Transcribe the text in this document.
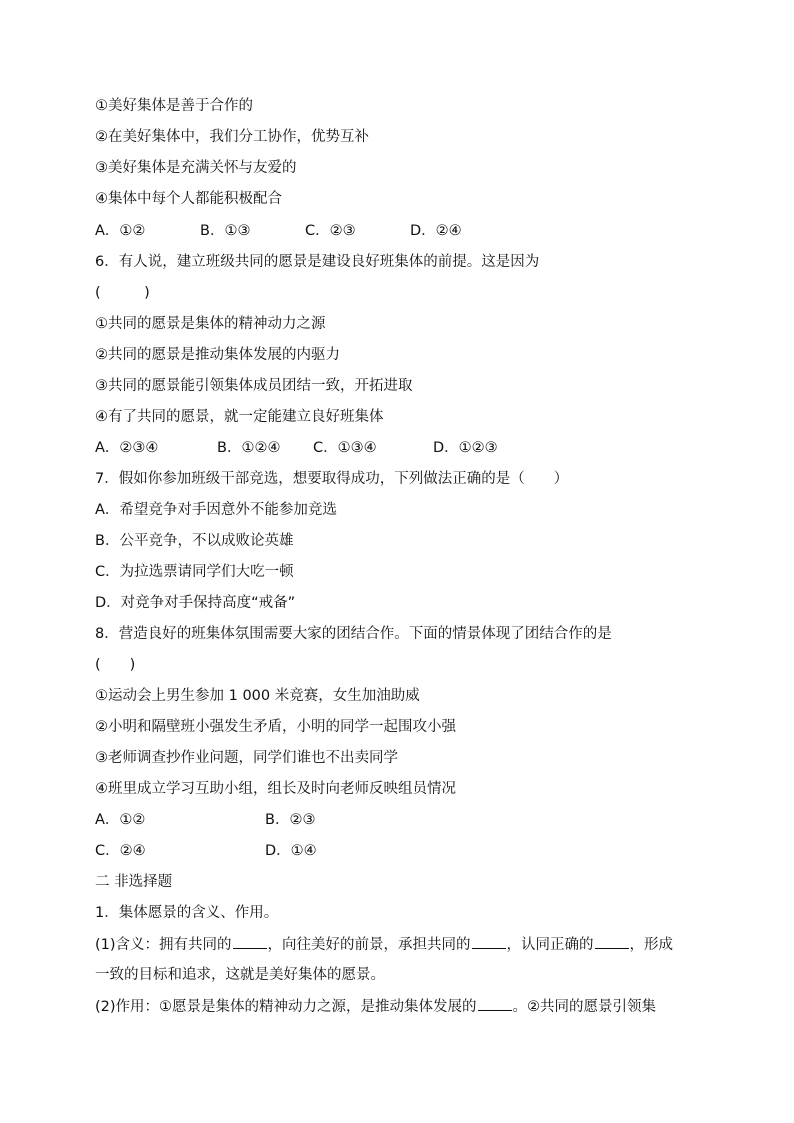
①美好集体是善于合作的
②在美好集体中，我们分工协作，优势互补
③美好集体是充满关怀与友爱的
④集体中每个人都能积极配合

A．①②

	B．①③

	C．②③

	D．②④

6．有人说，建立班级共同的愿景是建设良好班集体的前提。这是因为
(　　　)
①共同的愿景是集体的精神动力之源
②共同的愿景是推动集体发展的内驱力
③共同的愿景能引领集体成员团结一致，开拓进取
④有了共同的愿景，就一定能建立良好班集体

A．②③④

	B．①②④

C．①③④

	D．①②③

7．假如你参加班级干部竞选，想要取得成功，下列做法正确的是（　　）
A．希望竞争对手因意外不能参加竞选
B．公平竞争，不以成败论英雄
C．为拉选票请同学们大吃一顿
D．对竞争对手保持高度“戒备”
8．营造良好的班集体氛围需要大家的团结合作。下面的情景体现了团结合作的是
(　　)
①运动会上男生参加 1 000 米竞赛，女生加油助威
②小明和隔壁班小强发生矛盾，小明的同学一起围攻小强
③老师调查抄作业问题，同学们谁也不出卖同学
④班里成立学习互助小组，组长及时向老师反映组员情况

A．①②

	B．②③

C．②④

	D．①④

二 非选择题
1．集体愿景的含义、作用。
(1)含义：拥有共同的 ，向往美好的前景，承担共同的 ，认同正确的 ，形成
一致的目标和追求，这就是美好集体的愿景。
(2)作用：①愿景是集体的精神动力之源，是推动集体发展的 。②共同的愿景引领集
